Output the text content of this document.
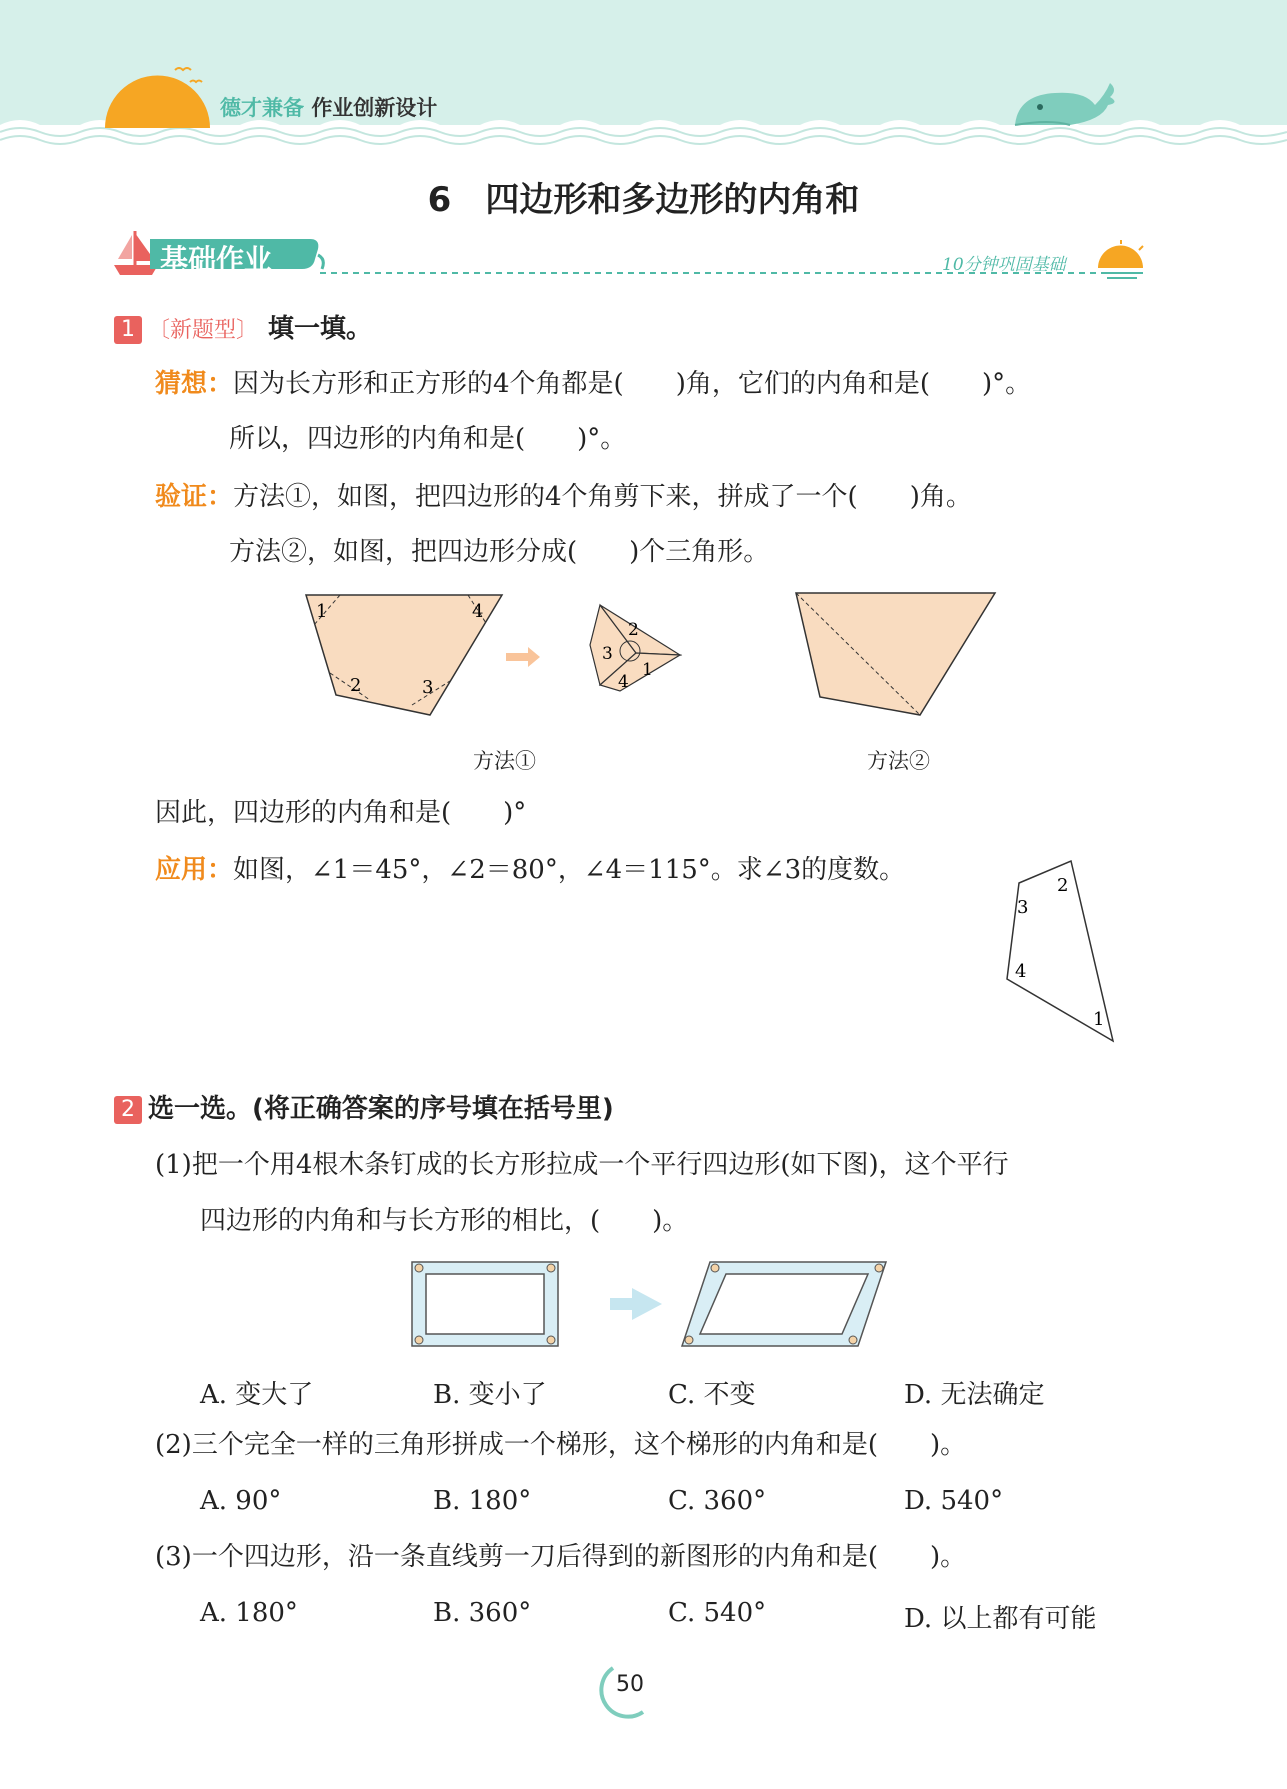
德才兼备 作业创新设计
6　四边形和多边形的内角和
基础作业	10分钟巩固基础
1 〔新题型〕 填一填。
猜想：因为长方形和正方形的4个角都是(　　)角，它们的内角和是(　　)°。
所以，四边形的内角和是(　　)°。
验证：方法①，如图，把四边形的4个角剪下来，拼成了一个(　　)角。
方法②，如图，把四边形分成(　　)个三角形。
1	4
2	3
2
3
1
4
方法①	方法②
因此，四边形的内角和是(　　)°
应用：如图，∠1＝45°，∠2＝80°，∠4＝115°。求∠3的度数。
2
3
4
1
2 选一选。(将正确答案的序号填在括号里)
(1)把一个用4根木条钉成的长方形拉成一个平行四边形(如下图)，这个平行
四边形的内角和与长方形的相比，(　　)。
A. 变大了	B. 变小了	C. 不变	D. 无法确定
(2)三个完全一样的三角形拼成一个梯形，这个梯形的内角和是(　　)。
A. 90°	B. 180°	C. 360°	D. 540°
(3)一个四边形，沿一条直线剪一刀后得到的新图形的内角和是(　　)。
A. 180°	B. 360°	C. 540°	D. 以上都有可能
50
